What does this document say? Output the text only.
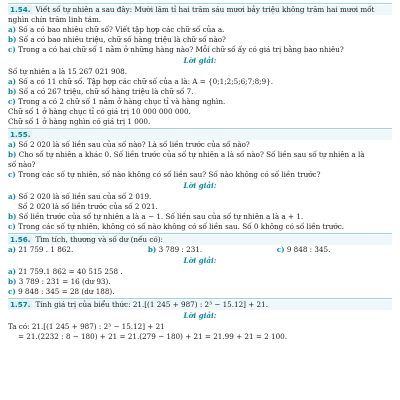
1.54. Viết số tự nhiên a sau đây: Mười lăm tỉ hai trăm sáu mươi bảy triệu không trăm hai mươi mốt
nghìn chín trăm linh tám.
a) Số a có bao nhiêu chữ số? Viết tập hợp các chữ số của a.
b) Số a có bao nhiêu triệu, chữ số hàng triệu là chữ số nào?
c) Trong a có hai chữ số 1 nằm ở những hàng nào? Mỗi chữ số ấy có giá trị bằng bao nhiêu?
Lời giải:
Số tự nhiên a là 15 267 021 908.
a) Số a có 11 chữ số. Tập hợp các chữ số của a là: A = {0;1;2;5;6;7;8;9}.
b) Số a có 267 triệu, chữ số hàng triệu là chữ số 7.
c) Trong a có 2 chữ số 1 nằm ở hàng chục tỉ và hàng nghìn.
Chữ số 1 ở hàng chục tỉ có giá trị 10 000 000 000.
Chữ số 1 ở hàng nghìn có giá trị 1 000.
1.55.
a) Số 2 020 là số liền sau của số nào? Là số liền trước của số nào?
b) Cho số tự nhiên a khác 0. Số liền trước của số tự nhiên a là số nào? Số liền sau số tự nhiên a là
số nào?
c) Trong các số tự nhiên, số nào không có số liền sau? Số nào không có số liền trước?
Lời giải:
a) Số 2 020 là số liền sau của số 2 019.
Số 2 020 là số liền trước của số 2 021.
b) Số liền trước của số tự nhiên a là a − 1. Số liền sau của số tự nhiên a là a + 1.
c) Trong các số tự nhiên, không có số nào không có số liền sau. Số 0 không có số liền trước.
1.56. Tìm tích, thương và số dư (nếu có):
a) 21 759 . 1 862.	b) 3 789 : 231.	c) 9 848 : 345.
Lời giải:
a) 21 759.1 862 = 40 515 258 .
b) 3 789 : 231 = 16 (dư 93).
c) 9 848 : 345 = 28 (dư 188).
1.57. Tính giá trị của biểu thức: 21.[(1 245 + 987) : 2³ − 15.12] + 21.
Lời giải:
Ta có: 21.[(1 245 + 987) : 2³ − 15.12] + 21
= 21.(2232 : 8 − 180) + 21 = 21.(279 − 180) + 21 = 21.99 + 21 = 2 100.
